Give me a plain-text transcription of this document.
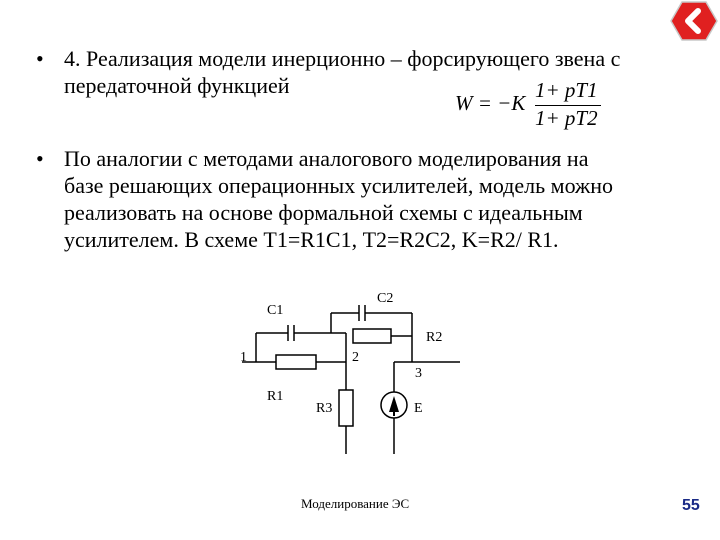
• 4. Реализация модели инерционно – форсирующего звена с
передаточной функцией
W = −K
1+ pT1
1+ pT2
• По аналогии с методами аналогового моделирования на
базе решающих операционных усилителей, модель можно
реализовать на основе формальной схемы с идеальным
усилителем. В схеме Т1=R1C1, Т2=R2C2, K=R2/ R1.
C1
C2
R2
1	2
3
R1
R3	E
Моделирование ЭС	55
